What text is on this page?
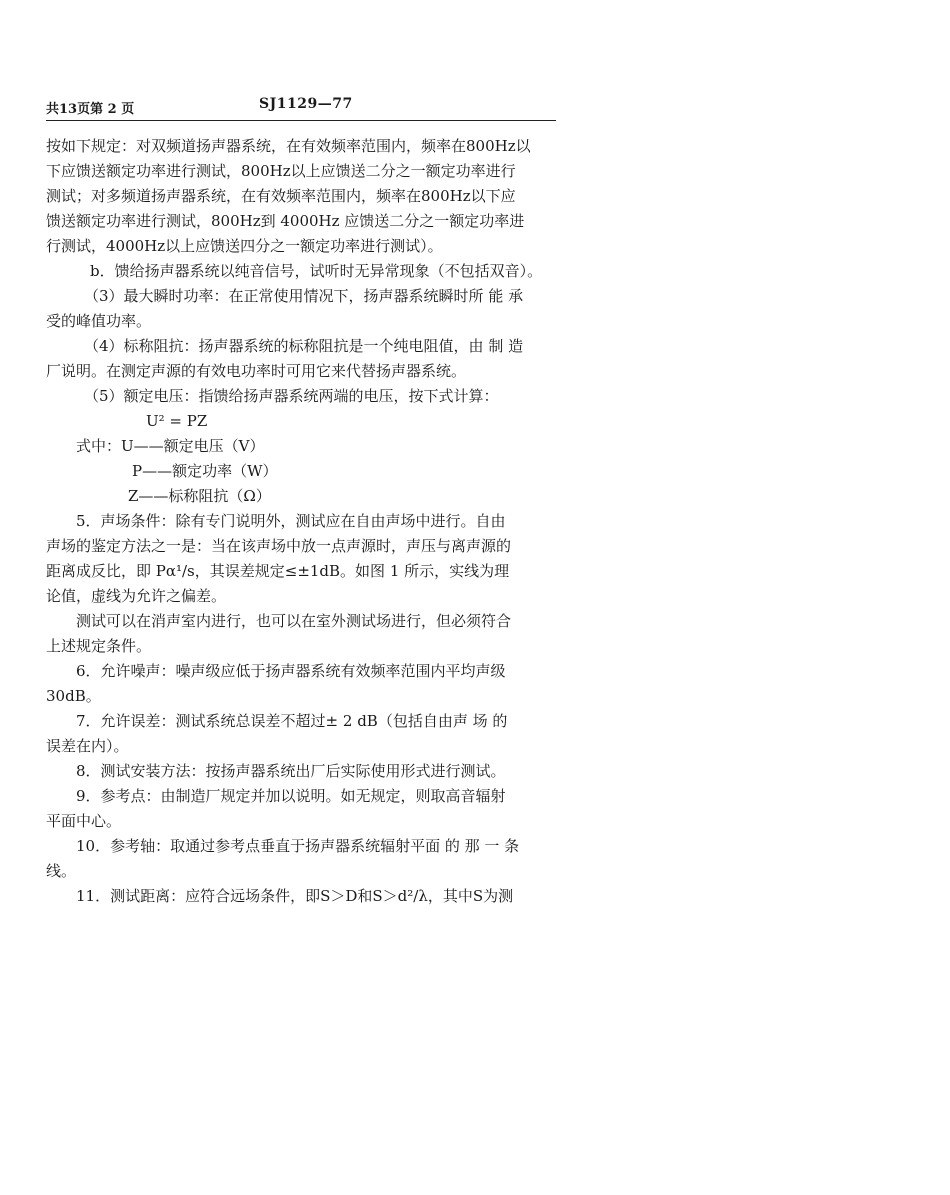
共13页第 2 页	SJ1129—77
按如下规定：对双频道扬声器系统，在有效频率范围内，频率在800Hz以
下应馈送额定功率进行测试，800Hz以上应馈送二分之一额定功率进行
测试；对多频道扬声器系统，在有效频率范围内，频率在800Hz以下应
馈送额定功率进行测试，800Hz到 4000Hz 应馈送二分之一额定功率进
行测试，4000Hz以上应馈送四分之一额定功率进行测试）。
b．馈给扬声器系统以纯音信号，试听时无异常现象（不包括双音）。
（3）最大瞬时功率：在正常使用情况下，扬声器系统瞬时所 能 承
受的峰值功率。
（4）标称阻抗：扬声器系统的标称阻抗是一个纯电阻值，由 制 造
厂说明。在测定声源的有效电功率时可用它来代替扬声器系统。
（5）额定电压：指馈给扬声器系统两端的电压，按下式计算：
U² = PZ
式中：U——额定电压（V）
P——额定功率（W）
Z——标称阻抗（Ω）
5．声场条件：除有专门说明外，测试应在自由声场中进行。自由
声场的鉴定方法之一是：当在该声场中放一点声源时，声压与离声源的
距离成反比，即 Pα¹/s，其误差规定≤±1dB。如图 1 所示，实线为理
论值，虚线为允许之偏差。
测试可以在消声室内进行，也可以在室外测试场进行，但必须符合
上述规定条件。
6．允许噪声：噪声级应低于扬声器系统有效频率范围内平均声级
30dB。
7．允许误差：测试系统总误差不超过± 2 dB（包括自由声 场 的
误差在内）。
8．测试安装方法：按扬声器系统出厂后实际使用形式进行测试。
9．参考点：由制造厂规定并加以说明。如无规定，则取高音辐射
平面中心。
10．参考轴：取通过参考点垂直于扬声器系统辐射平面 的 那 一 条
线。
11．测试距离：应符合远场条件，即S＞D和S＞d²/λ，其中S为测
